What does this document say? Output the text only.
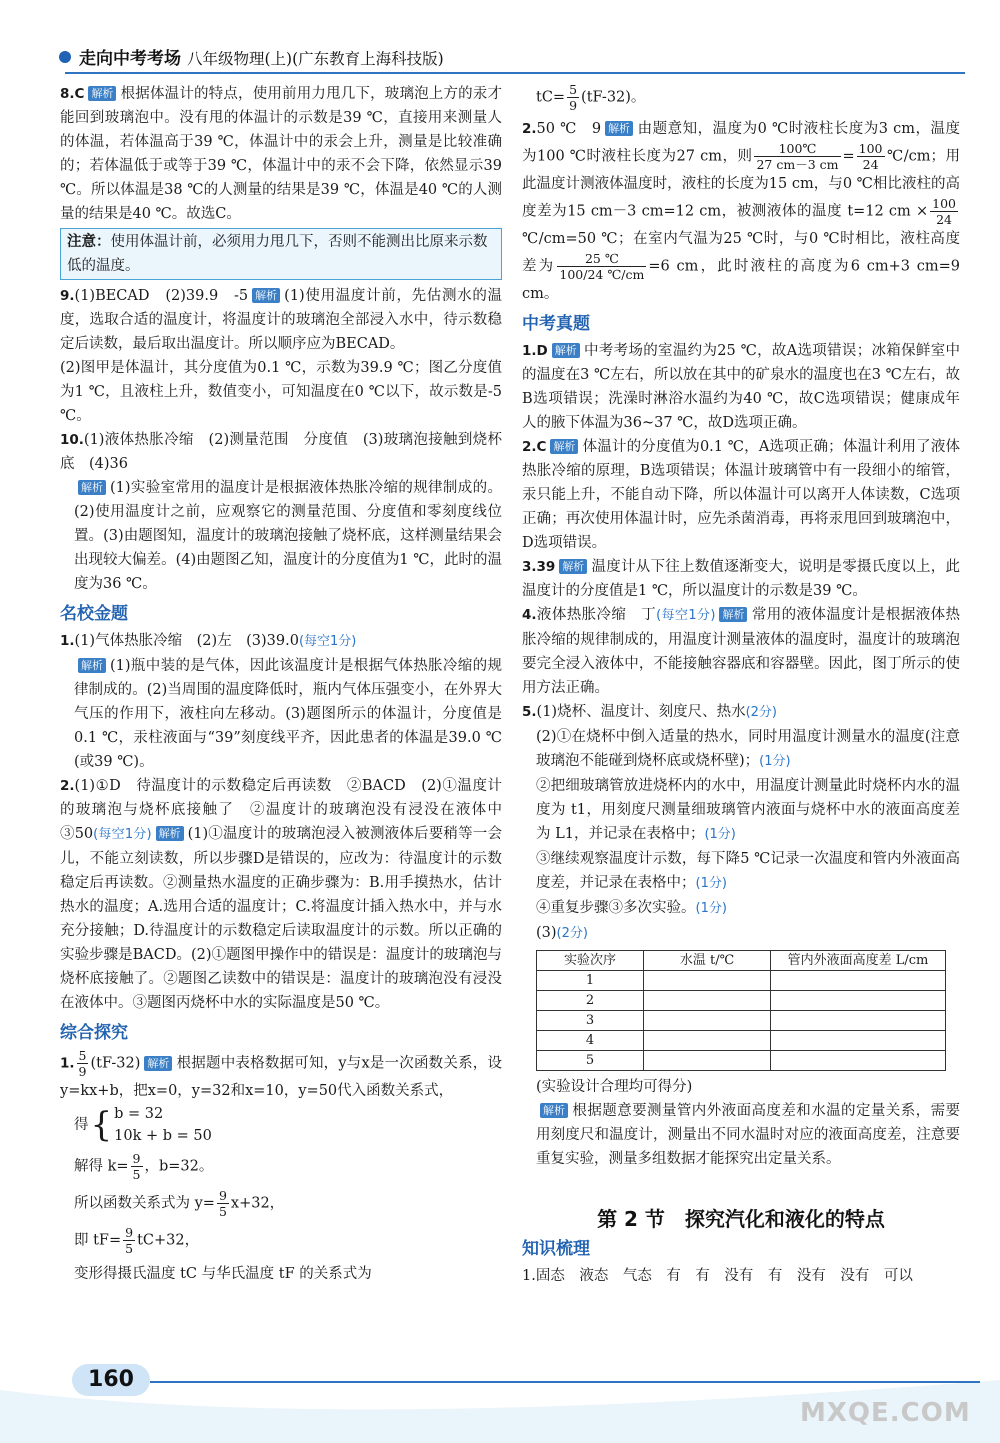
走向中考考场 八年级物理(上)(广东教育上海科技版)
8.C 解析 根据体温计的特点，使用前用力甩几下，玻璃泡上方的汞才能回到玻璃泡中。没有甩的体温计的示数是39 ℃，直接用来测量人的体温，若体温高于39 ℃，体温计中的汞会上升，测量是比较准确的；若体温低于或等于39 ℃，体温计中的汞不会下降，依然显示39 ℃。所以体温是38 ℃的人测量的结果是39 ℃，体温是40 ℃的人测量的结果是40 ℃。故选C。
注意：使用体温计前，必须用力甩几下，否则不能测出比原来示数低的温度。
9.(1)BECAD　(2)39.9　-5 解析 (1)使用温度计前，先估测水的温度，选取合适的温度计，将温度计的玻璃泡全部浸入水中，待示数稳定后读数，最后取出温度计。所以顺序应为BECAD。
(2)图甲是体温计，其分度值为0.1 ℃，示数为39.9 ℃；图乙分度值为1 ℃，且液柱上升，数值变小，可知温度在0 ℃以下，故示数是-5 ℃。
10.(1)液体热胀冷缩　(2)测量范围　分度值　(3)玻璃泡接触到烧杯底　(4)36
解析 (1)实验室常用的温度计是根据液体热胀冷缩的规律制成的。(2)使用温度计之前，应观察它的测量范围、分度值和零刻度线位置。(3)由题图知，温度计的玻璃泡接触了烧杯底，这样测量结果会出现较大偏差。(4)由题图乙知，温度计的分度值为1 ℃，此时的温度为36 ℃。
名校金题
1.(1)气体热胀冷缩　(2)左　(3)39.0(每空1分)
解析 (1)瓶中装的是气体，因此该温度计是根据气体热胀冷缩的规律制成的。(2)当周围的温度降低时，瓶内气体压强变小，在外界大气压的作用下，液柱向左移动。(3)题图所示的体温计，分度值是0.1 ℃，汞柱液面与“39”刻度线平齐，因此患者的体温是39.0 ℃(或39 ℃)。
2.(1)①D　待温度计的示数稳定后再读数　②BACD　(2)①温度计的玻璃泡与烧杯底接触了　②温度计的玻璃泡没有浸没在液体中　③50(每空1分) 解析 (1)①温度计的玻璃泡浸入被测液体后要稍等一会儿，不能立刻读数，所以步骤D是错误的，应改为：待温度计的示数稳定后再读数。②测量热水温度的正确步骤为：B.用手摸热水，估计热水的温度；A.选用合适的温度计；C.将温度计插入热水中，并与水充分接触；D.待温度计的示数稳定后读取温度计的示数。所以正确的实验步骤是BACD。(2)①题图甲操作中的错误是：温度计的玻璃泡与烧杯底接触了。②题图乙读数中的错误是：温度计的玻璃泡没有浸没在液体中。③题图丙烧杯中水的实际温度是50 ℃。
综合探究
1. $\frac{5}{9} (tF-32)$ 解析 根据题中表格数据可知，y与x是一次函数关系，设y=kx+b，把x=0，y=32和x=10，y=50代入函数关系式，
得 { b = 32
10k + b = 50
解得 $k= \frac{9}{5}$ ，b=32。
所以函数关系式为 $y= \frac{9}{5} x+32$，
即 $tF= \frac{9}{5} tC+32$，
变形得摄氏温度 tC 与华氏温度 tF 的关系式为
$tC= \frac{5}{9} (tF-32)$。
2.50 ℃　9 解析 由题意知，温度为0 ℃时液柱长度为3 cm，温度为100 ℃时液柱长度为27 cm，则 $\frac{100℃}{27 cm-3 cm} = \frac{100}{24}$ ℃/cm；用此温度计测液体温度时，液柱的长度为15 cm，与0 ℃相比液柱的高度差为15 cm－3 cm=12 cm，被测液体的温度 t=12 cm × $\frac{100}{24}$
℃/cm=50 ℃；在室内气温为25 ℃时，与0 ℃时相比，液柱高度差为 $\frac{25 ℃}{100/24 ℃/cm} =6$ cm，此时液柱的高度为6 cm+3 cm=9 cm。
中考真题
1.D 解析 中考考场的室温约为25 ℃，故A选项错误；冰箱保鲜室中的温度在3 ℃左右，所以放在其中的矿泉水的温度也在3 ℃左右，故B选项错误；洗澡时淋浴水温约为40 ℃，故C选项错误；健康成年人的腋下体温为36~37 ℃，故D选项正确。
2.C 解析 体温计的分度值为0.1 ℃，A选项正确；体温计利用了液体热胀冷缩的原理，B选项错误；体温计玻璃管中有一段细小的缩管，汞只能上升，不能自动下降，所以体温计可以离开人体读数，C选项正确；再次使用体温计时，应先杀菌消毒，再将汞甩回到玻璃泡中，D选项错误。
3.39 解析 温度计从下往上数值逐渐变大，说明是零摄氏度以上，此温度计的分度值是1 ℃，所以温度计的示数是39 ℃。
4.液体热胀冷缩　丁(每空1分) 解析 常用的液体温度计是根据液体热胀冷缩的规律制成的，用温度计测量液体的温度时，温度计的玻璃泡要完全浸入液体中，不能接触容器底和容器壁。因此，图丁所示的使用方法正确。
5.(1)烧杯、温度计、刻度尺、热水(2分)
(2)①在烧杯中倒入适量的热水，同时用温度计测量水的温度(注意玻璃泡不能碰到烧杯底或烧杯壁)；(1分)
②把细玻璃管放进烧杯内的水中，用温度计测量此时烧杯内水的温度为 t1，用刻度尺测量细玻璃管内液面与烧杯中水的液面高度差为 L1，并记录在表格中；(1分)
③继续观察温度计示数，每下降5 ℃记录一次温度和管内外液面高度差，并记录在表格中；(1分)
④重复步骤③多次实验。(1分)
(3)(2分)
实验次序	水温 t/℃	管内外液面高度差 L/cm
1		
2		
3		
4		
5		
(实验设计合理均可得分)
解析 根据题意要测量管内外液面高度差和水温的定量关系，需要用刻度尺和温度计，测量出不同水温时对应的液面高度差，注意要重复实验，测量多组数据才能探究出定量关系。
第 2 节　探究汽化和液化的特点
知识梳理
1.固态　液态　气态　有　有　没有　有　没有　没有　可以
160
MXQE.COM
